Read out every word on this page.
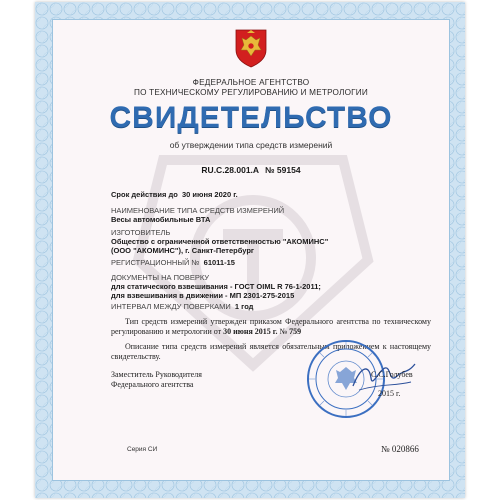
ФЕДЕРАЛЬНОЕ АГЕНТСТВО
ПО ТЕХНИЧЕСКОМУ РЕГУЛИРОВАНИЮ И МЕТРОЛОГИИ
СВИДЕТЕЛЬСТВО
об утверждении типа средств измерений
RU.C.28.001.A № 59154
Срок действия до 30 июня 2020 г.
НАИМЕНОВАНИЕ ТИПА СРЕДСТВ ИЗМЕРЕНИЙ
Весы автомобильные ВТА
ИЗГОТОВИТЕЛЬ
Общество с ограниченной ответственностью "АКОМИНС"
(ООО "АКОМИНС"), г. Санкт-Петербург
РЕГИСТРАЦИОННЫЙ № 61011-15
ДОКУМЕНТЫ НА ПОВЕРКУ
для статического взвешивания - ГОСТ OIML R 76-1-2011;
для взвешивания в движении - МП 2301-275-2015
ИНТЕРВАЛ МЕЖДУ ПОВЕРКАМИ 1 год
Тип средств измерений утвержден приказом Федерального агентства по техническому регулированию и метрологии от 30 июня 2015 г. № 759
Описание типа средств измерений является обязательным приложением к настоящему свидетельству.
Заместитель Руководителя
Федерального агентства
С.С.Голубев
2015 г.
Серия СИ	№ 020866
